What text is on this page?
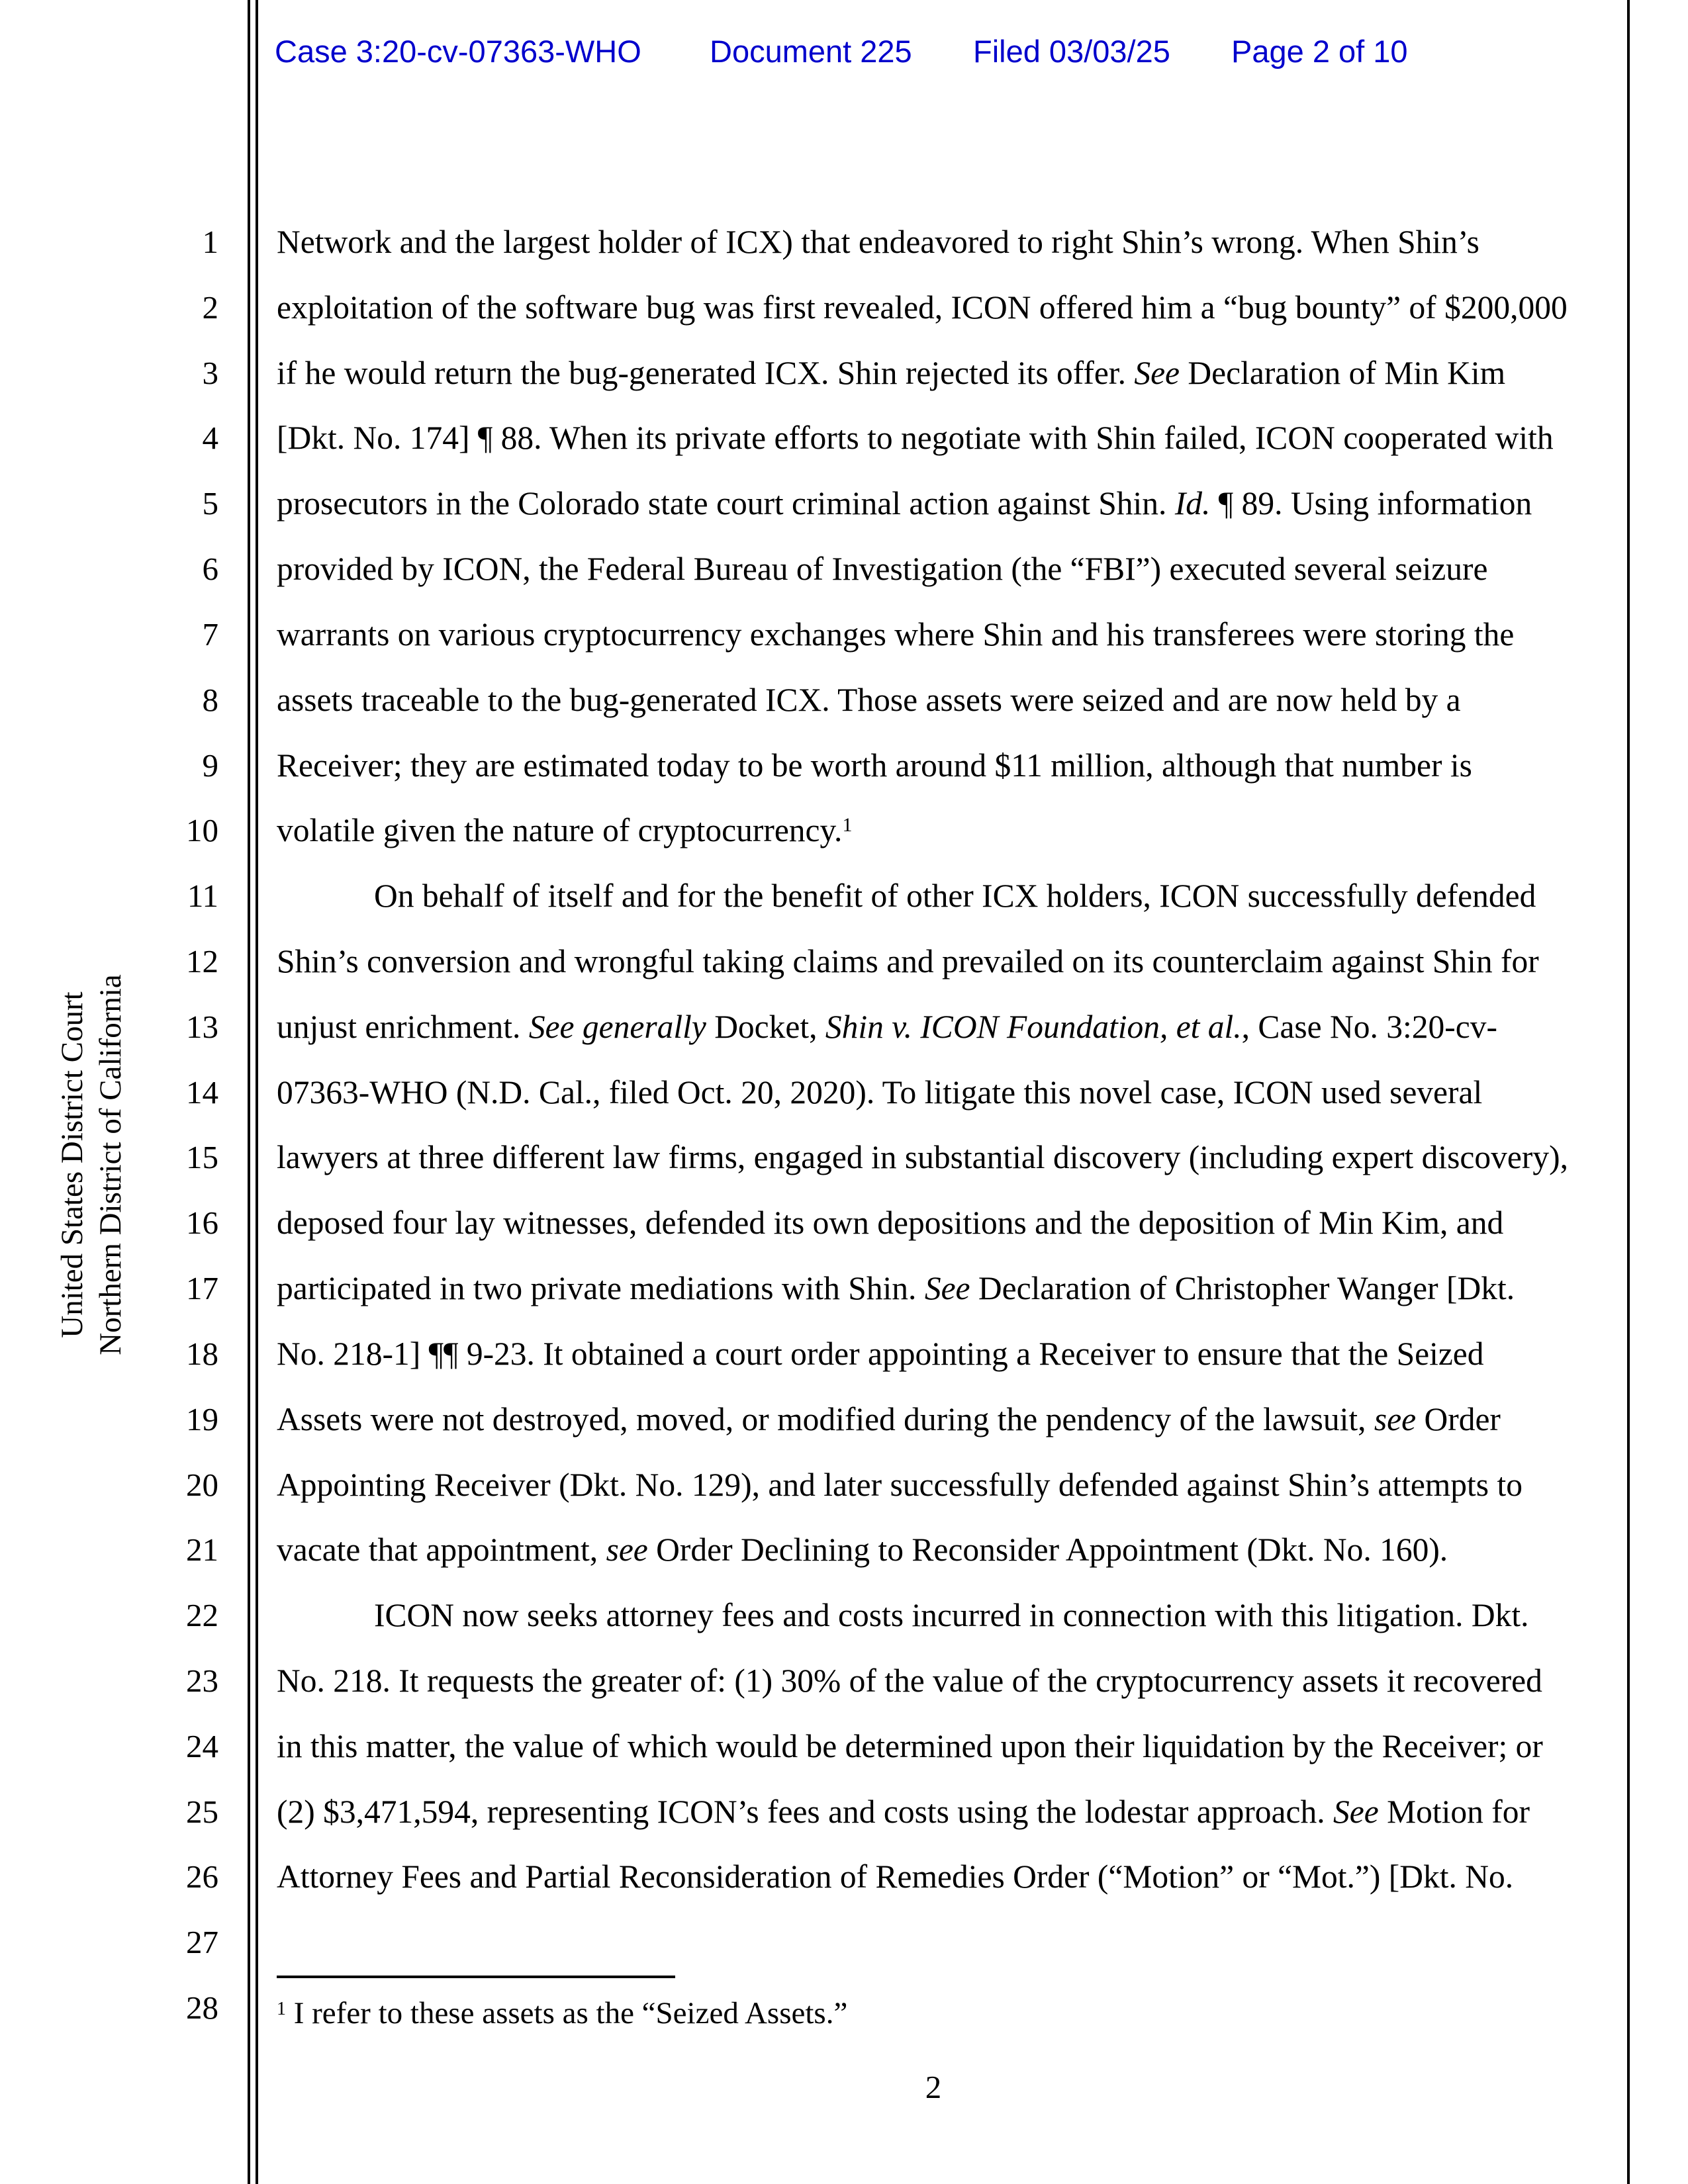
Case 3:20-cv-07363-WHO Document 225 Filed 03/03/25 Page 2 of 10
United States District Court Northern District of California
1
2
3
4
5
6
7
8
9
10
11
12
13
14
15
16
17
18
19
20
21
22
23
24
25
26
27
28
Network and the largest holder of ICX) that endeavored to right Shin’s wrong. When Shin’s
exploitation of the software bug was first revealed, ICON offered him a “bug bounty” of $200,000
if he would return the bug-generated ICX. Shin rejected its offer. See Declaration of Min Kim
[Dkt. No. 174] ¶ 88. When its private efforts to negotiate with Shin failed, ICON cooperated with
prosecutors in the Colorado state court criminal action against Shin. Id. ¶ 89. Using information
provided by ICON, the Federal Bureau of Investigation (the “FBI”) executed several seizure
warrants on various cryptocurrency exchanges where Shin and his transferees were storing the
assets traceable to the bug-generated ICX. Those assets were seized and are now held by a
Receiver; they are estimated today to be worth around $11 million, although that number is
volatile given the nature of cryptocurrency.$^1$
On behalf of itself and for the benefit of other ICX holders, ICON successfully defended
Shin’s conversion and wrongful taking claims and prevailed on its counterclaim against Shin for
unjust enrichment. See generally Docket, Shin v. ICON Foundation, et al., Case No. 3:20-cv-
07363-WHO (N.D. Cal., filed Oct. 20, 2020). To litigate this novel case, ICON used several
lawyers at three different law firms, engaged in substantial discovery (including expert discovery),
deposed four lay witnesses, defended its own depositions and the deposition of Min Kim, and
participated in two private mediations with Shin. See Declaration of Christopher Wanger [Dkt.
No. 218-1] ¶¶ 9-23. It obtained a court order appointing a Receiver to ensure that the Seized
Assets were not destroyed, moved, or modified during the pendency of the lawsuit, see Order
Appointing Receiver (Dkt. No. 129), and later successfully defended against Shin’s attempts to
vacate that appointment, see Order Declining to Reconsider Appointment (Dkt. No. 160).
ICON now seeks attorney fees and costs incurred in connection with this litigation. Dkt.
No. 218. It requests the greater of: (1) 30% of the value of the cryptocurrency assets it recovered
in this matter, the value of which would be determined upon their liquidation by the Receiver; or
(2) $3,471,594, representing ICON’s fees and costs using the lodestar approach. See Motion for
Attorney Fees and Partial Reconsideration of Remedies Order (“Motion” or “Mot.”) [Dkt. No.
$^1$ I refer to these assets as the “Seized Assets.”
2
